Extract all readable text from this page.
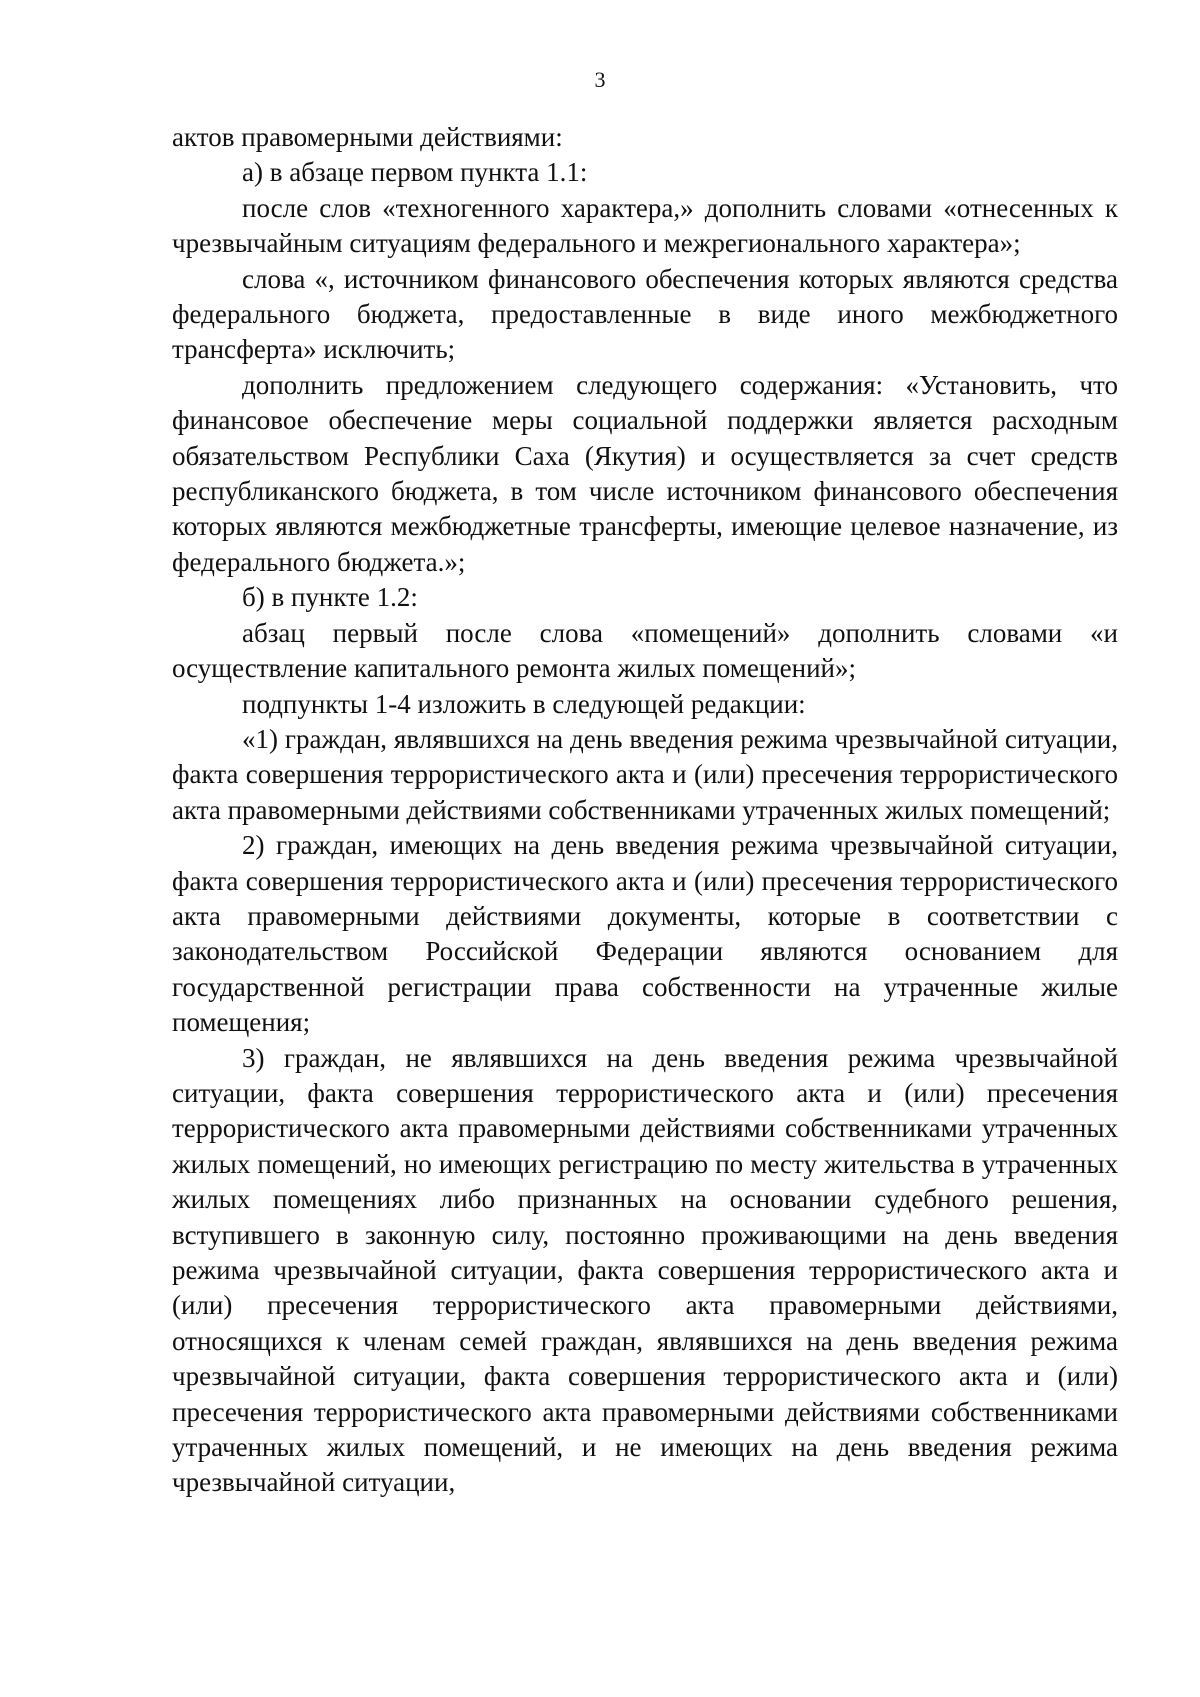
3

актов правомерными действиями:

а) в абзаце первом пункта 1.1:

после слов «техногенного характера,» дополнить словами «отнесенных к чрезвычайным ситуациям федерального и межрегионального характера»;

слова «, источником финансового обеспечения которых являются средства федерального бюджета, предоставленные в виде иного межбюджетного трансферта» исключить;

дополнить предложением следующего содержания: «Установить, что финансовое обеспечение меры социальной поддержки является расходным обязательством Республики Саха (Якутия) и осуществляется за счет средств республиканского бюджета, в том числе источником финансового обеспечения которых являются межбюджетные трансферты, имеющие целевое назначение, из федерального бюджета.»;

б) в пункте 1.2:

абзац первый после слова «помещений» дополнить словами «и осуществление капитального ремонта жилых помещений»;

подпункты 1-4 изложить в следующей редакции:

«1) граждан, являвшихся на день введения режима чрезвычайной ситуации, факта совершения террористического акта и (или) пресечения террористического акта правомерными действиями собственниками утраченных жилых помещений;

2) граждан, имеющих на день введения режима чрезвычайной ситуации, факта совершения террористического акта и (или) пресечения террористического акта правомерными действиями документы, которые в соответствии с законодательством Российской Федерации являются основанием для государственной регистрации права собственности на утраченные жилые помещения;

3) граждан, не являвшихся на день введения режима чрезвычайной ситуации, факта совершения террористического акта и (или) пресечения террористического акта правомерными действиями собственниками утраченных жилых помещений, но имеющих регистрацию по месту жительства в утраченных жилых помещениях либо признанных на основании судебного решения, вступившего в законную силу, постоянно проживающими на день введения режима чрезвычайной ситуации, факта совершения террористического акта и (или) пресечения террористического акта правомерными действиями, относящихся к членам семей граждан, являвшихся на день введения режима чрезвычайной ситуации, факта совершения террористического акта и (или) пресечения террористического акта правомерными действиями собственниками утраченных жилых помещений, и не имеющих на день введения режима чрезвычайной ситуации,
